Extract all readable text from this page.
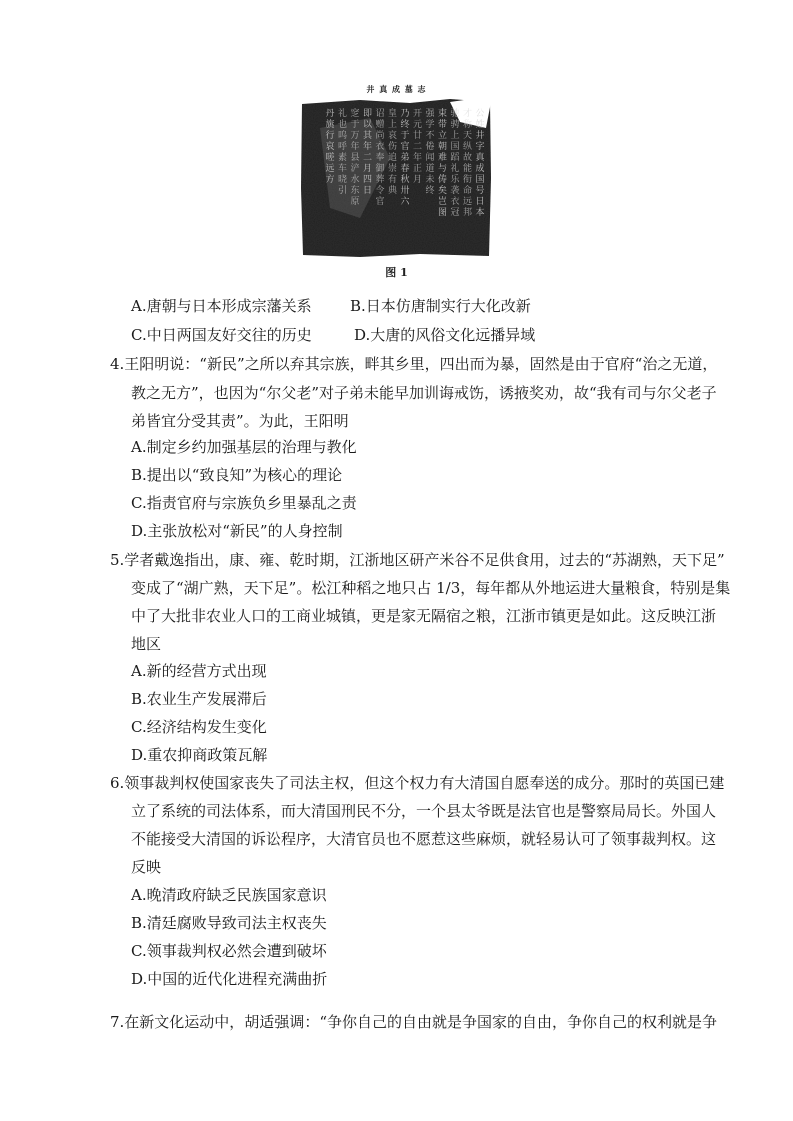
井 真 成 墓 志
公姓井字真成国号日本
才称天纵故能衔命远邦
驰骋上国蹈礼乐袭衣冠
束带立朝难与俦矣岂图
强学不倦闻道未终
开元廿二年正月
乃终于官弟春秋卅六
皇上哀伤追崇有典
诏赠尚衣奉御葬令官
即以其年二月四日
窆于万年县浐水东原
礼也呜呼素车晓引
丹旐行哀嗟远方
图 1
A.唐朝与日本形成宗藩关系	B.日本仿唐制实行大化改新
C.中日两国友好交往的历史	D.大唐的风俗文化远播异域
4.王阳明说：“新民”之所以弃其宗族，畔其乡里，四出而为暴，固然是由于官府“治之无道，
教之无方”，也因为“尔父老”对子弟未能早加训诲戒饬，诱掖奖劝，故“我有司与尔父老子
弟皆宜分受其责”。为此，王阳明
A.制定乡约加强基层的治理与教化
B.提出以“致良知”为核心的理论
C.指责官府与宗族负乡里暴乱之责
D.主张放松对“新民”的人身控制
5.学者戴逸指出，康、雍、乾时期，江浙地区研产米谷不足供食用，过去的“苏湖熟，天下足”
变成了“湖广熟，天下足”。松江种稻之地只占 1/3，每年都从外地运进大量粮食，特别是集
中了大批非农业人口的工商业城镇，更是家无隔宿之粮，江浙市镇更是如此。这反映江浙
地区
A.新的经营方式出现
B.农业生产发展滞后
C.经济结构发生变化
D.重农抑商政策瓦解
6.领事裁判权使国家丧失了司法主权，但这个权力有大清国自愿奉送的成分。那时的英国已建
立了系统的司法体系，而大清国刑民不分，一个县太爷既是法官也是警察局局长。外国人
不能接受大清国的诉讼程序，大清官员也不愿惹这些麻烦，就轻易认可了领事裁判权。这
反映
A.晚清政府缺乏民族国家意识
B.清廷腐败导致司法主权丧失
C.领事裁判权必然会遭到破坏
D.中国的近代化进程充满曲折
7.在新文化运动中，胡适强调：“争你自己的自由就是争国家的自由，争你自己的权利就是争
